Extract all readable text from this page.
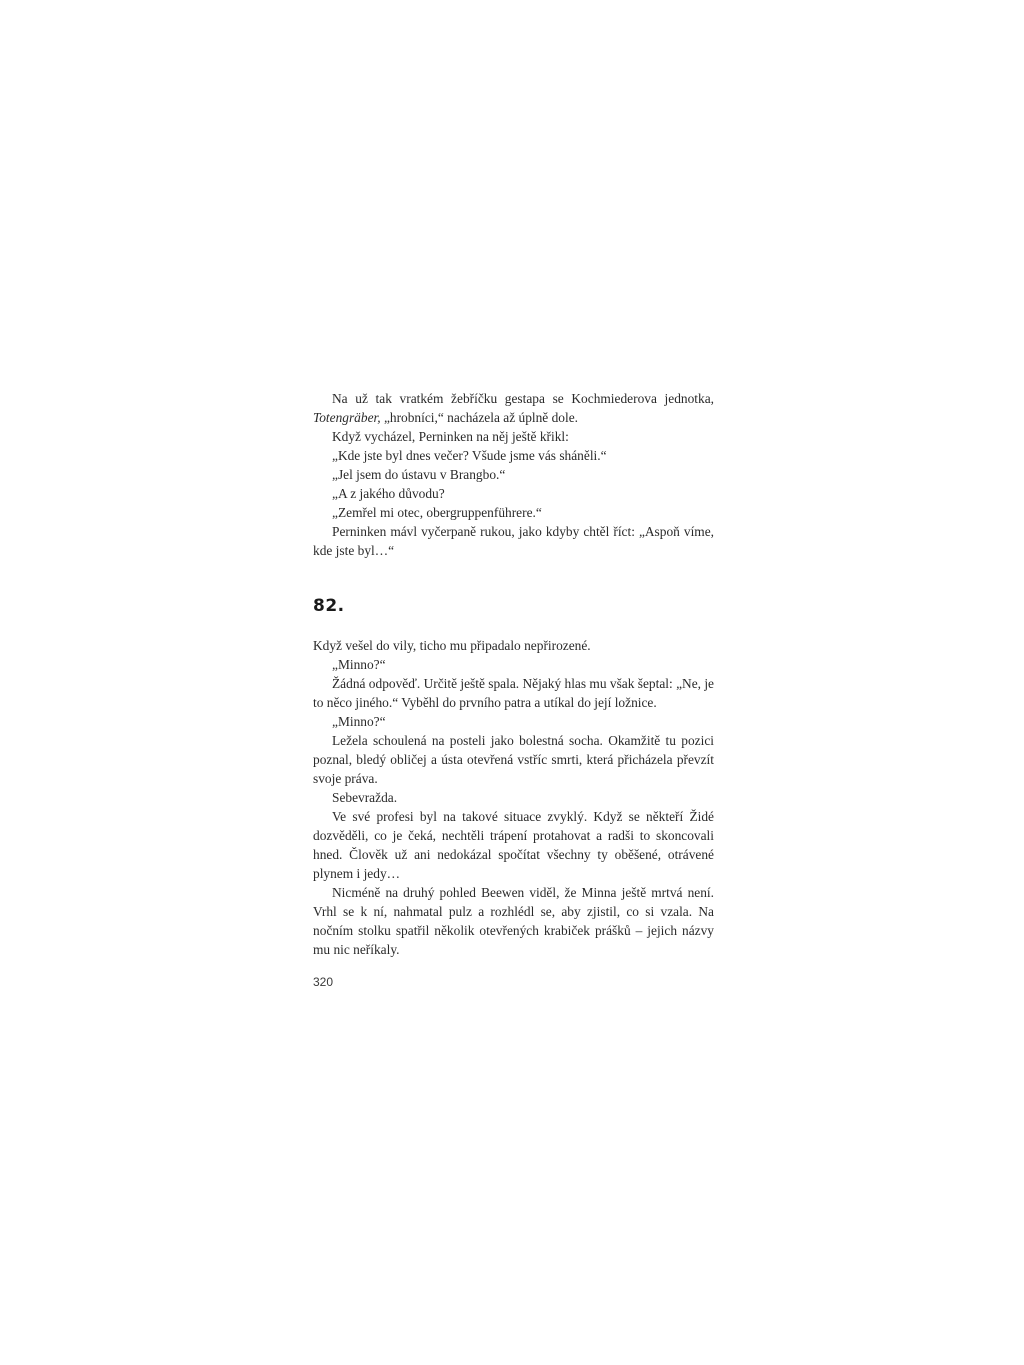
Na už tak vratkém žebříčku gestapa se Kochmiederova jednotka, Totengräber, „hrobníci,“ nacházela až úplně dole.

Když vycházel, Perninken na něj ještě křikl:

„Kde jste byl dnes večer? Všude jsme vás sháněli.“

„Jel jsem do ústavu v Brangbo.“

„A z jakého důvodu?

„Zemřel mi otec, obergruppenführere.“

Perninken mávl vyčerpaně rukou, jako kdyby chtěl říct: „Aspoň víme, kde jste byl…“

82.

Když vešel do vily, ticho mu připadalo nepřirozené.

„Minno?“

Žádná odpověď. Určitě ještě spala. Nějaký hlas mu však šeptal: „Ne, je to něco jiného.“ Vyběhl do prvního patra a utíkal do její ložnice.

„Minno?“

Ležela schoulená na posteli jako bolestná socha. Okamžitě tu pozici poznal, bledý obličej a ústa otevřená vstříc smrti, která přicházela převzít svoje práva.

Sebevražda.

Ve své profesi byl na takové situace zvyklý. Když se někteří Židé dozvěděli, co je čeká, nechtěli trápení protahovat a radši to skoncovali hned. Člověk už ani nedokázal spočítat všechny ty oběšené, otrávené plynem i jedy…

Nicméně na druhý pohled Beewen viděl, že Minna ještě mrtvá není. Vrhl se k ní, nahmatal pulz a rozhlédl se, aby zjistil, co si vzala. Na nočním stolku spatřil několik otevřených krabiček prášků – jejich názvy mu nic neříkaly.

320
